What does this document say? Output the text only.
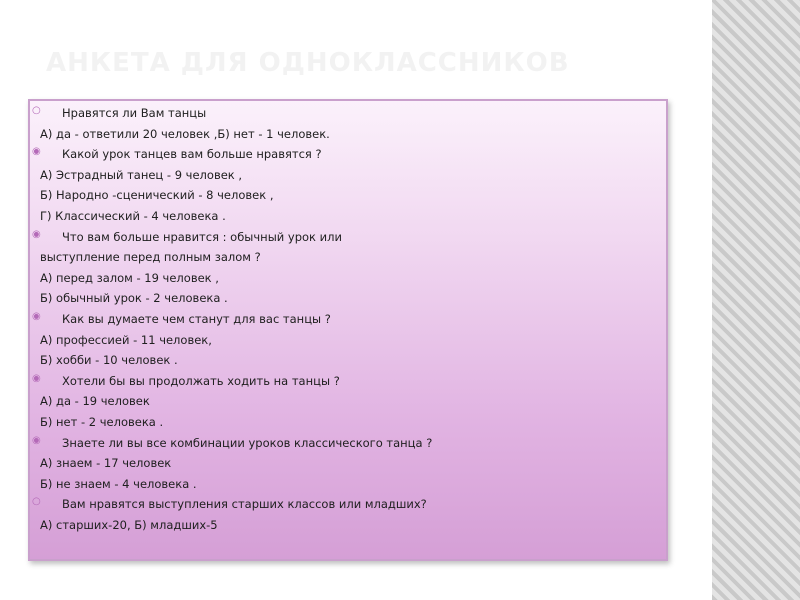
АНКЕТА ДЛЯ ОДНОКЛАССНИКОВ
○ Нравятся ли Вам танцы
А) да - ответили 20 человек ,Б) нет - 1 человек.
◉ Какой урок танцев вам больше нравятся ?
А) Эстрадный танец - 9 человек ,
Б) Народно -сценический - 8 человек ,
Г) Классический - 4 человека .
◉ Что вам больше нравится : обычный урок или
выступление перед полным залом ?
А) перед залом - 19 человек ,
Б) обычный урок - 2 человека .
◉ Как вы думаете чем станут для вас танцы ?
А) профессией - 11 человек,
Б) хобби - 10 человек .
◉ Хотели бы вы продолжать ходить на танцы ?
А) да - 19 человек
Б) нет - 2 человека .
◉ Знаете ли вы все комбинации уроков классического танца ?
А) знаем - 17 человек
Б) не знаем - 4 человека .
○ Вам нравятся выступления старших классов или младших?
А) старших-20, Б) младших-5
